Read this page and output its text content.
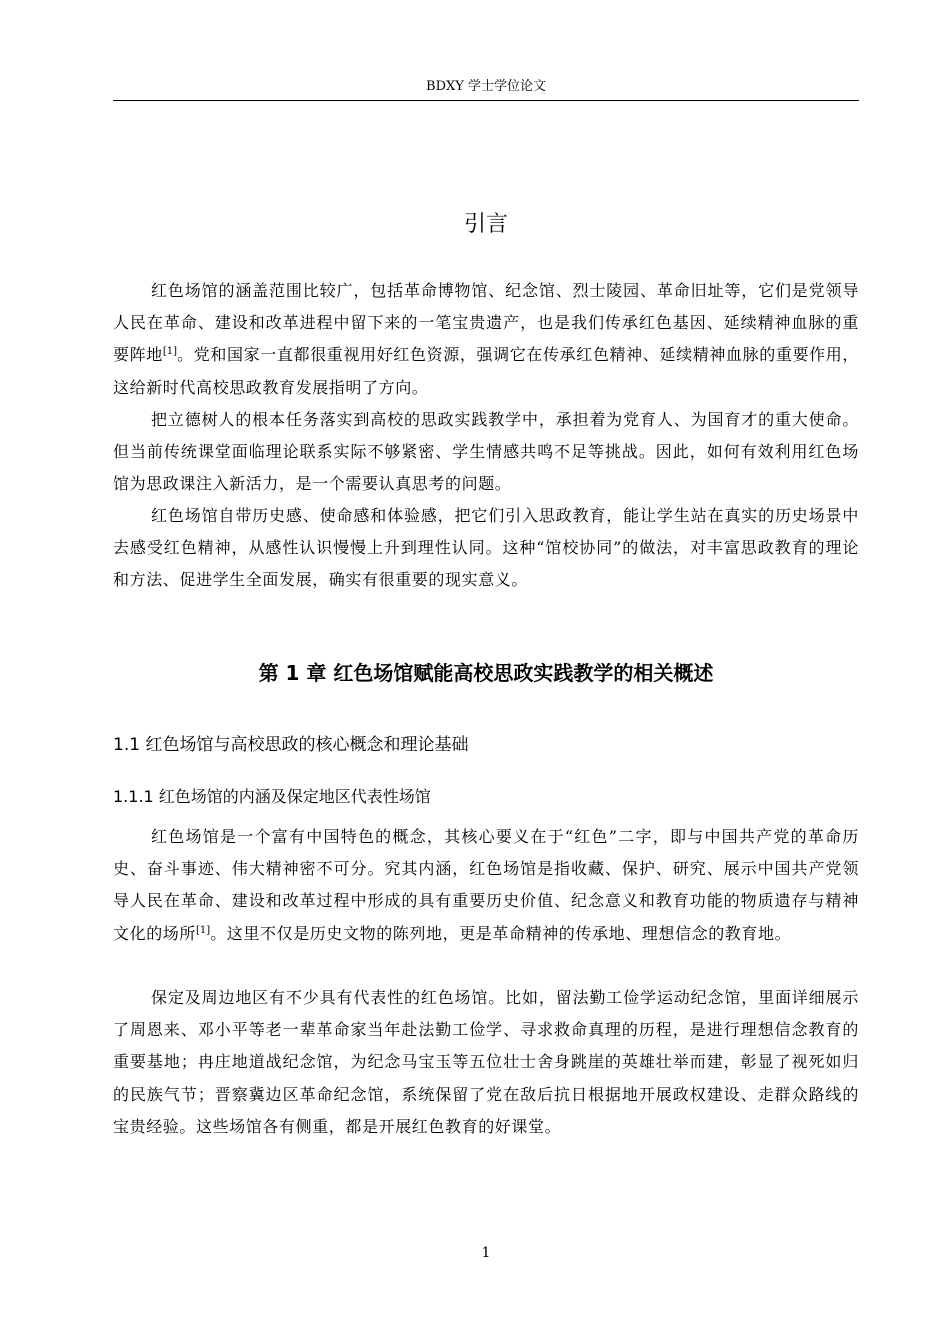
BDXY 学士学位论文
引言

红色场馆的涵盖范围比较广，包括革命博物馆、纪念馆、烈士陵园、革命旧址等，它们是党领导人民在革命、建设和改革进程中留下来的一笔宝贵遗产，也是我们传承红色基因、延续精神血脉的重要阵地[1]。党和国家一直都很重视用好红色资源，强调它在传承红色精神、延续精神血脉的重要作用，这给新时代高校思政教育发展指明了方向。

把立德树人的根本任务落实到高校的思政实践教学中，承担着为党育人、为国育才的重大使命。但当前传统课堂面临理论联系实际不够紧密、学生情感共鸣不足等挑战。因此，如何有效利用红色场馆为思政课注入新活力，是一个需要认真思考的问题。

红色场馆自带历史感、使命感和体验感，把它们引入思政教育，能让学生站在真实的历史场景中去感受红色精神，从感性认识慢慢上升到理性认同。这种“馆校协同”的做法，对丰富思政教育的理论和方法、促进学生全面发展，确实有很重要的现实意义。

第 1 章 红色场馆赋能高校思政实践教学的相关概述
1.1 红色场馆与高校思政的核心概念和理论基础
1.1.1 红色场馆的内涵及保定地区代表性场馆

红色场馆是一个富有中国特色的概念，其核心要义在于“红色”二字，即与中国共产党的革命历史、奋斗事迹、伟大精神密不可分。究其内涵，红色场馆是指收藏、保护、研究、展示中国共产党领导人民在革命、建设和改革过程中形成的具有重要历史价值、纪念意义和教育功能的物质遗存与精神文化的场所[1]。这里不仅是历史文物的陈列地，更是革命精神的传承地、理想信念的教育地。

保定及周边地区有不少具有代表性的红色场馆。比如，留法勤工俭学运动纪念馆，里面详细展示了周恩来、邓小平等老一辈革命家当年赴法勤工俭学、寻求救命真理的历程，是进行理想信念教育的重要基地；冉庄地道战纪念馆，为纪念马宝玉等五位壮士舍身跳崖的英雄壮举而建，彰显了视死如归的民族气节；晋察冀边区革命纪念馆，系统保留了党在敌后抗日根据地开展政权建设、走群众路线的宝贵经验。这些场馆各有侧重，都是开展红色教育的好课堂。

1
